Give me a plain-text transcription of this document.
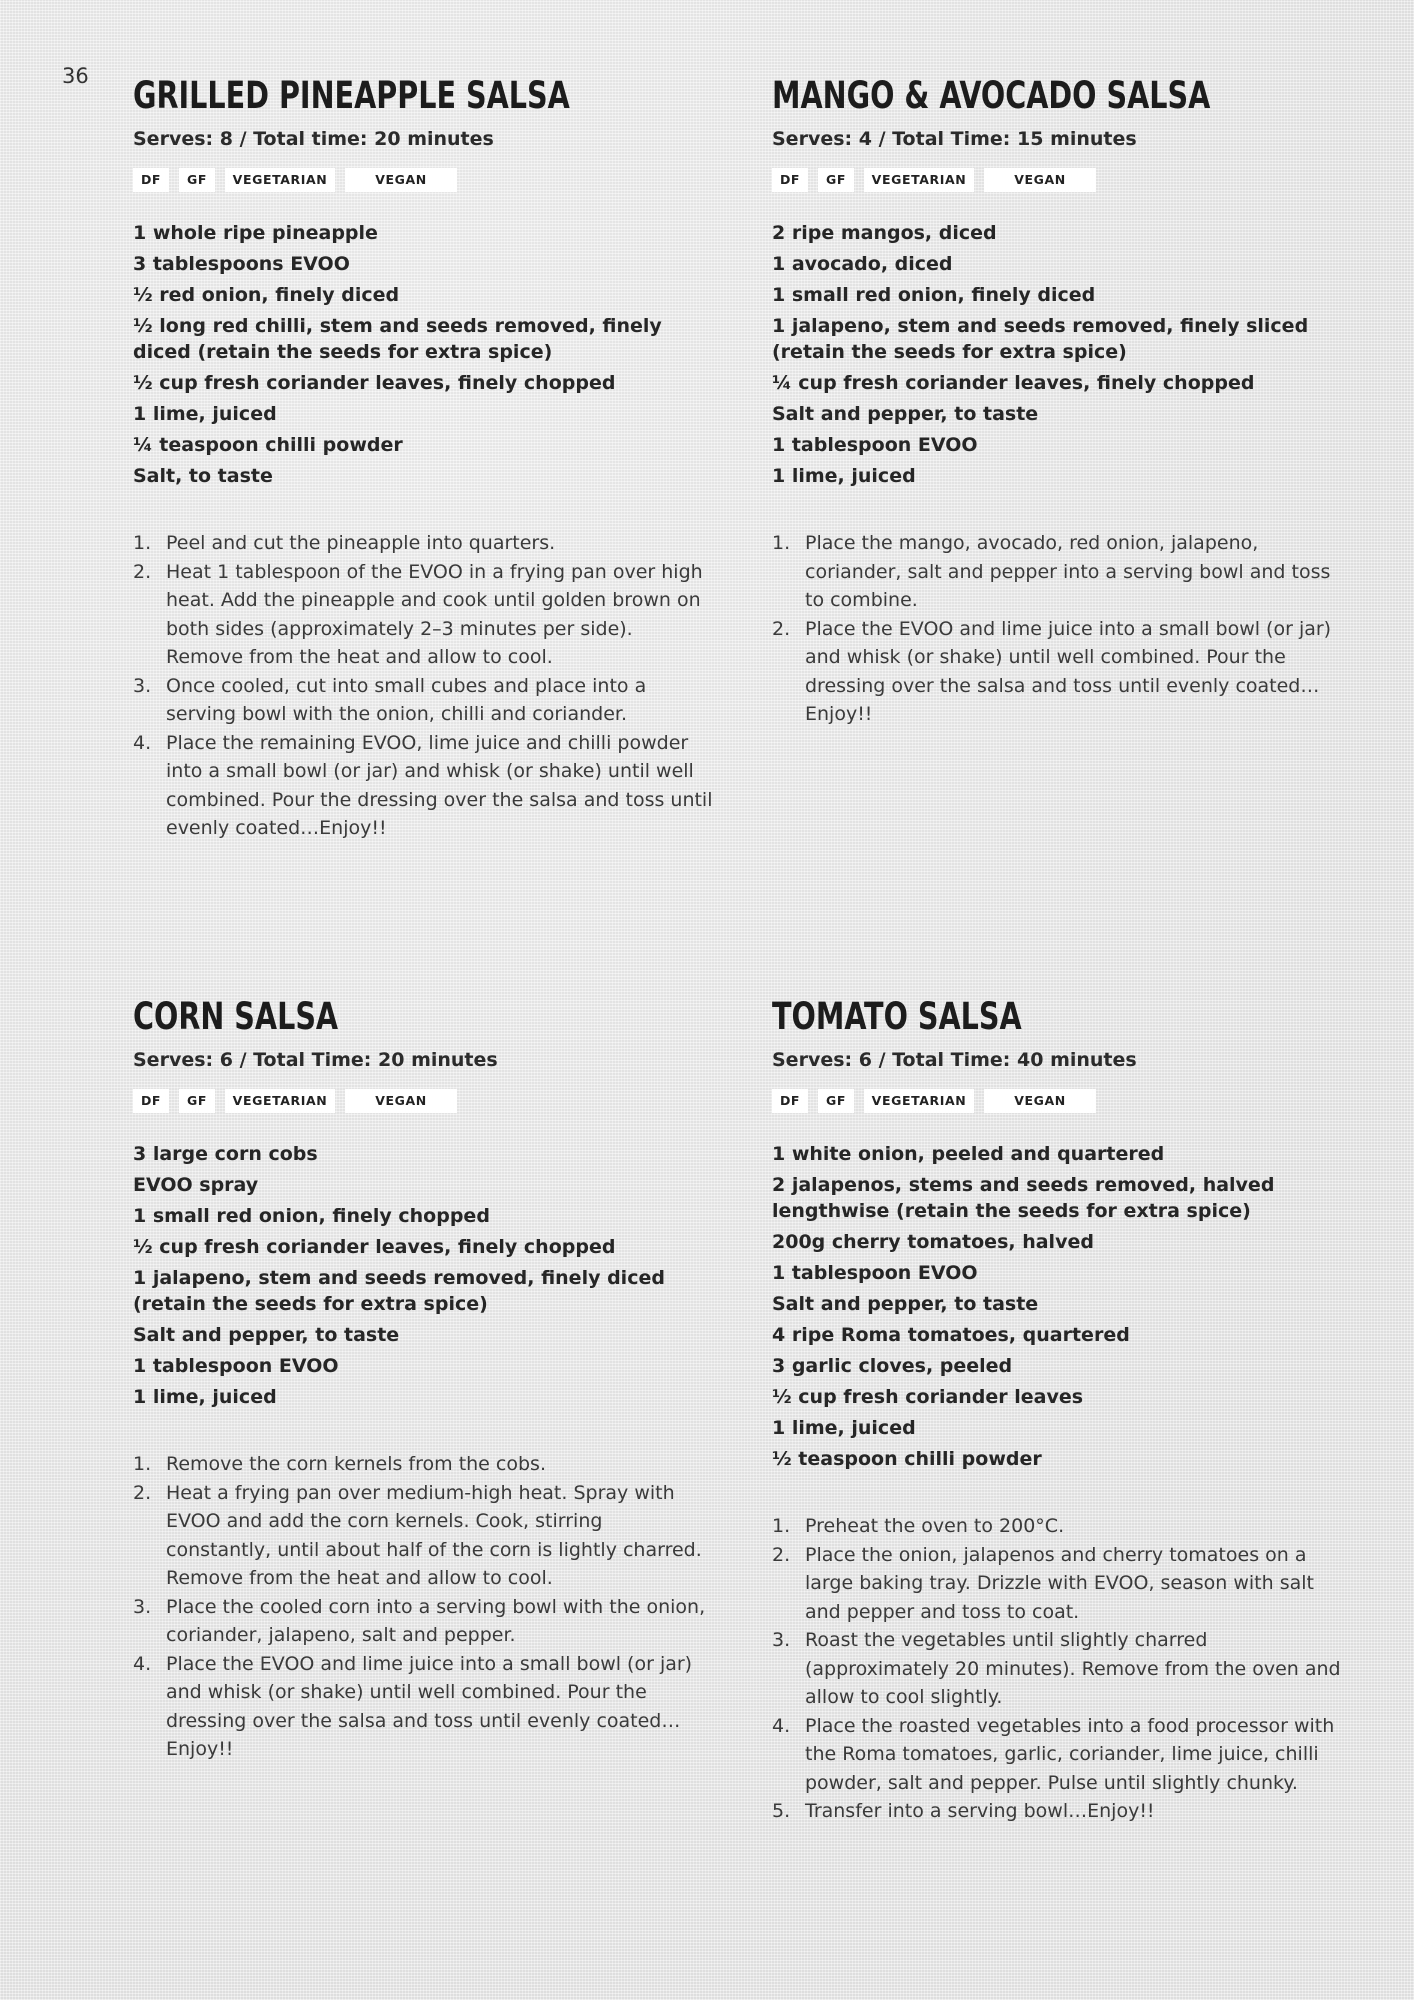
36 GRILLED PINEAPPLE SALSA
Serves: 8 / Total time: 20 minutes
DF	GF	VEGETARIAN	VEGAN
1 whole ripe pineapple
3 tablespoons EVOO
½ red onion, finely diced
½ long red chilli, stem and seeds removed, finely diced (retain the seeds for extra spice)
½ cup fresh coriander leaves, finely chopped
1 lime, juiced
¼ teaspoon chilli powder
Salt, to taste
1. Peel and cut the pineapple into quarters.
2. Heat 1 tablespoon of the EVOO in a frying pan over high heat. Add the pineapple and cook until golden brown on both sides (approximately 2–3 minutes per side). Remove from the heat and allow to cool.
3. Once cooled, cut into small cubes and place into a serving bowl with the onion, chilli and coriander.
4. Place the remaining EVOO, lime juice and chilli powder into a small bowl (or jar) and whisk (or shake) until well combined. Pour the dressing over the salsa and toss until evenly coated…Enjoy!!
MANGO & AVOCADO SALSA
Serves: 4 / Total Time: 15 minutes
DF	GF	VEGETARIAN	VEGAN
2 ripe mangos, diced
1 avocado, diced
1 small red onion, finely diced
1 jalapeno, stem and seeds removed, finely sliced (retain the seeds for extra spice)
¼ cup fresh coriander leaves, finely chopped
Salt and pepper, to taste
1 tablespoon EVOO
1 lime, juiced
1. Place the mango, avocado, red onion, jalapeno, coriander, salt and pepper into a serving bowl and toss to combine.
2. Place the EVOO and lime juice into a small bowl (or jar) and whisk (or shake) until well combined. Pour the dressing over the salsa and toss until evenly coated… Enjoy!!
CORN SALSA
Serves: 6 / Total Time: 20 minutes
DF	GF	VEGETARIAN	VEGAN
3 large corn cobs
EVOO spray
1 small red onion, finely chopped
½ cup fresh coriander leaves, finely chopped
1 jalapeno, stem and seeds removed, finely diced (retain the seeds for extra spice)
Salt and pepper, to taste
1 tablespoon EVOO
1 lime, juiced
1. Remove the corn kernels from the cobs.
2. Heat a frying pan over medium-high heat. Spray with EVOO and add the corn kernels. Cook, stirring constantly, until about half of the corn is lightly charred. Remove from the heat and allow to cool.
3. Place the cooled corn into a serving bowl with the onion, coriander, jalapeno, salt and pepper.
4. Place the EVOO and lime juice into a small bowl (or jar) and whisk (or shake) until well combined. Pour the dressing over the salsa and toss until evenly coated… Enjoy!!
TOMATO SALSA
Serves: 6 / Total Time: 40 minutes
DF	GF	VEGETARIAN	VEGAN
1 white onion, peeled and quartered
2 jalapenos, stems and seeds removed, halved lengthwise (retain the seeds for extra spice)
200g cherry tomatoes, halved
1 tablespoon EVOO
Salt and pepper, to taste
4 ripe Roma tomatoes, quartered
3 garlic cloves, peeled
½ cup fresh coriander leaves
1 lime, juiced
½ teaspoon chilli powder
1. Preheat the oven to 200°C.
2. Place the onion, jalapenos and cherry tomatoes on a large baking tray. Drizzle with EVOO, season with salt and pepper and toss to coat.
3. Roast the vegetables until slightly charred (approximately 20 minutes). Remove from the oven and allow to cool slightly.
4. Place the roasted vegetables into a food processor with the Roma tomatoes, garlic, coriander, lime juice, chilli powder, salt and pepper. Pulse until slightly chunky.
5. Transfer into a serving bowl…Enjoy!!
